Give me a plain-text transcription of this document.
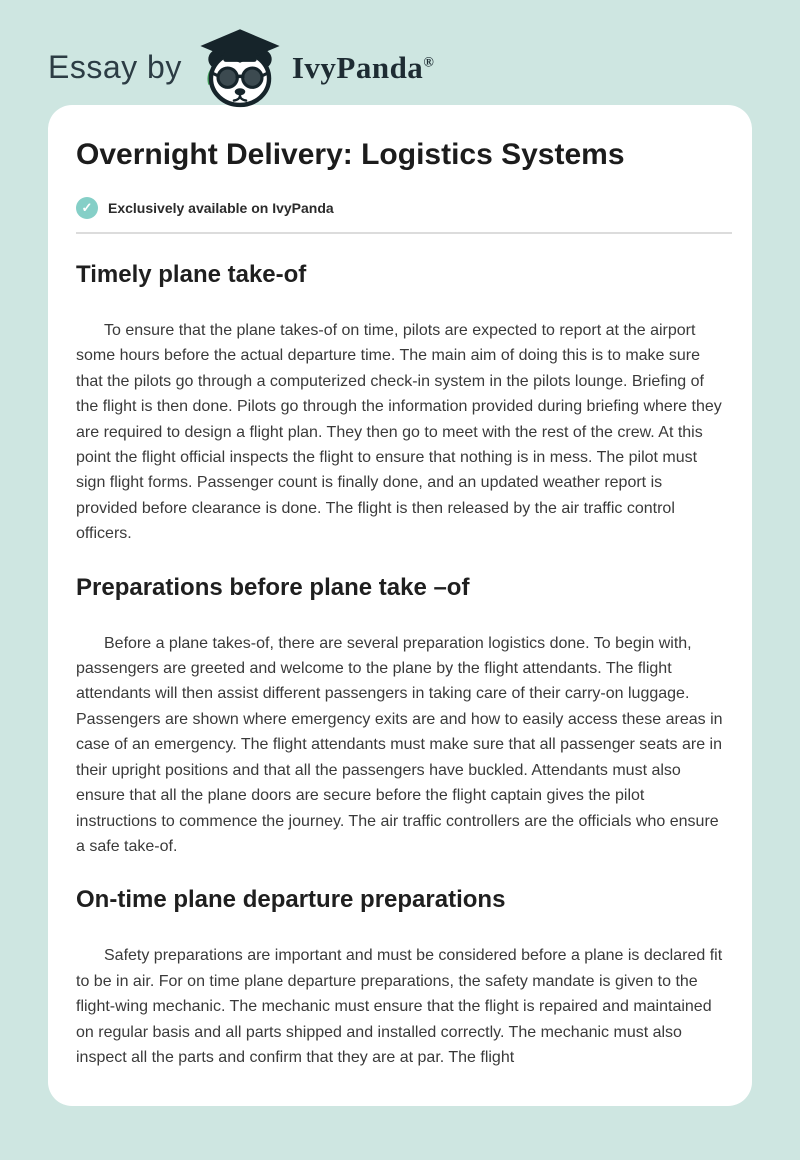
Essay by	IvyPanda®
Overnight Delivery: Logistics Systems
✓	Exclusively available on IvyPanda
Timely plane take-of

To ensure that the plane takes-of on time, pilots are expected to report at the airport some hours before the actual departure time. The main aim of doing this is to make sure that the pilots go through a computerized check-in system in the pilots lounge. Briefing of the flight is then done. Pilots go through the information provided during briefing where they are required to design a flight plan. They then go to meet with the rest of the crew. At this point the flight official inspects the flight to ensure that nothing is in mess. The pilot must sign flight forms. Passenger count is finally done, and an updated weather report is provided before clearance is done. The flight is then released by the air traffic control officers.

Preparations before plane take –of

Before a plane takes-of, there are several preparation logistics done. To begin with, passengers are greeted and welcome to the plane by the flight attendants. The flight attendants will then assist different passengers in taking care of their carry-on luggage. Passengers are shown where emergency exits are and how to easily access these areas in case of an emergency. The flight attendants must make sure that all passenger seats are in their upright positions and that all the passengers have buckled. Attendants must also ensure that all the plane doors are secure before the flight captain gives the pilot instructions to commence the journey. The air traffic controllers are the officials who ensure a safe take-of.

On-time plane departure preparations

Safety preparations are important and must be considered before a plane is declared fit to be in air. For on time plane departure preparations, the safety mandate is given to the flight-wing mechanic. The mechanic must ensure that the flight is repaired and maintained on regular basis and all parts shipped and installed correctly. The mechanic must also inspect all the parts and confirm that they are at par. The flight
